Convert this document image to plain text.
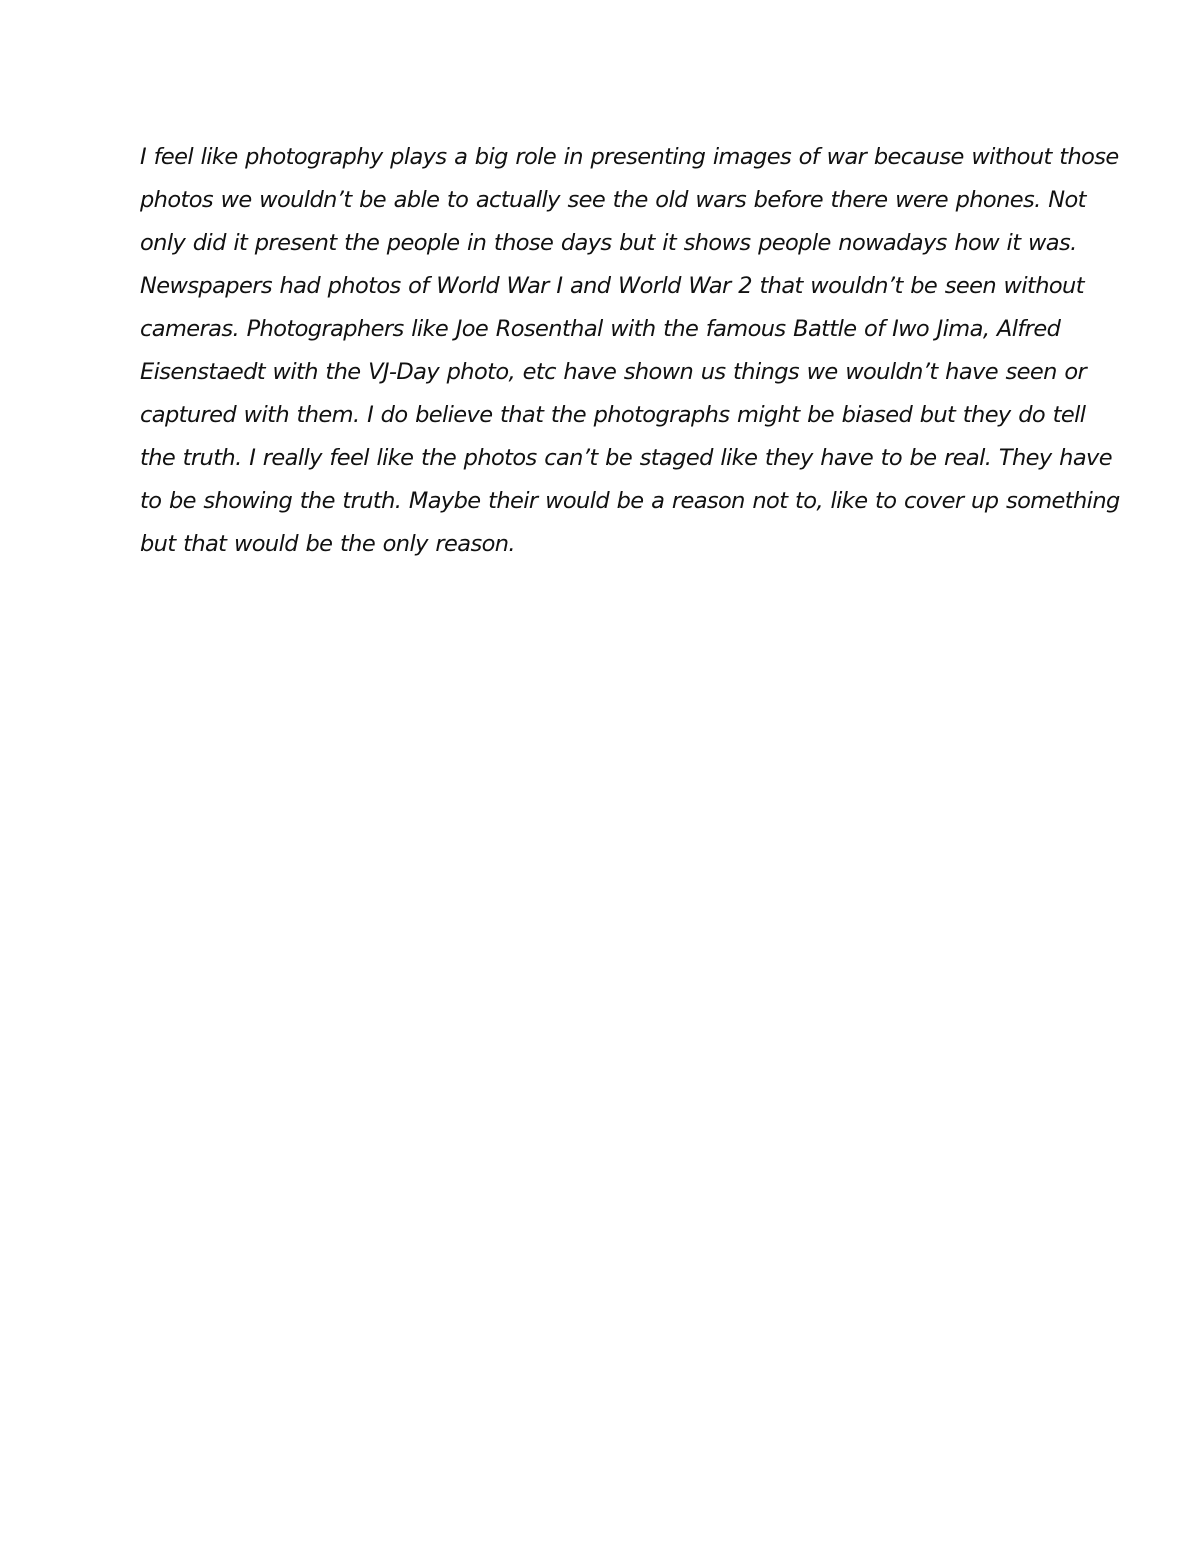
I feel like photography plays a big role in presenting images of war because without those
photos we wouldn’t be able to actually see the old wars before there were phones. Not
only did it present the people in those days but it shows people nowadays how it was.
Newspapers had photos of World War I and World War 2 that wouldn’t be seen without
cameras. Photographers like Joe Rosenthal with the famous Battle of Iwo Jima, Alfred
Eisenstaedt with the VJ-Day photo, etc have shown us things we wouldn’t have seen or
captured with them. I do believe that the photographs might be biased but they do tell
the truth. I really feel like the photos can’t be staged like they have to be real. They have
to be showing the truth. Maybe their would be a reason not to, like to cover up something
but that would be the only reason.
